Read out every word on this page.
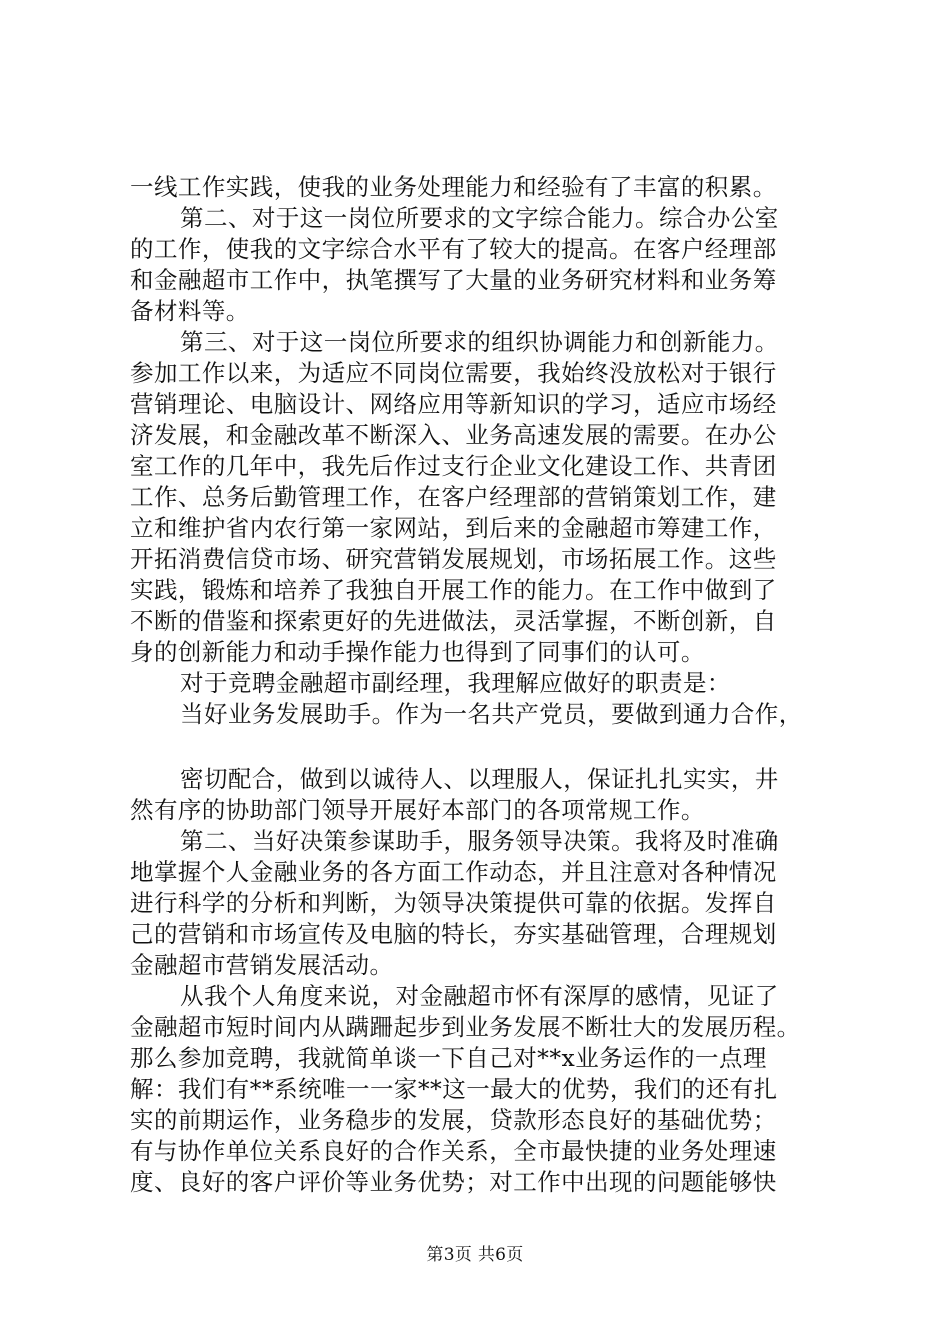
一线工作实践，使我的业务处理能力和经验有了丰富的积累。
第二、对于这一岗位所要求的文字综合能力。综合办公室
的工作，使我的文字综合水平有了较大的提高。在客户经理部
和金融超市工作中，执笔撰写了大量的业务研究材料和业务筹
备材料等。
第三、对于这一岗位所要求的组织协调能力和创新能力。
参加工作以来，为适应不同岗位需要，我始终没放松对于银行
营销理论、电脑设计、网络应用等新知识的学习，适应市场经
济发展，和金融改革不断深入、业务高速发展的需要。在办公
室工作的几年中，我先后作过支行企业文化建设工作、共青团
工作、总务后勤管理工作，在客户经理部的营销策划工作，建
立和维护省内农行第一家网站，到后来的金融超市筹建工作，
开拓消费信贷市场、研究营销发展规划，市场拓展工作。这些
实践，锻炼和培养了我独自开展工作的能力。在工作中做到了
不断的借鉴和探索更好的先进做法，灵活掌握，不断创新，自
身的创新能力和动手操作能力也得到了同事们的认可。
对于竞聘金融超市副经理，我理解应做好的职责是：
当好业务发展助手。作为一名共产党员，要做到通力合作，
密切配合，做到以诚待人、以理服人，保证扎扎实实，井
然有序的协助部门领导开展好本部门的各项常规工作。
第二、当好决策参谋助手，服务领导决策。我将及时准确
地掌握个人金融业务的各方面工作动态，并且注意对各种情况
进行科学的分析和判断，为领导决策提供可靠的依据。发挥自
己的营销和市场宣传及电脑的特长，夯实基础管理，合理规划
金融超市营销发展活动。
从我个人角度来说，对金融超市怀有深厚的感情，见证了
金融超市短时间内从蹒跚起步到业务发展不断壮大的发展历程。
那么参加竞聘，我就简单谈一下自己对**x业务运作的一点理
解：我们有**系统唯一一家**这一最大的优势，我们的还有扎
实的前期运作，业务稳步的发展，贷款形态良好的基础优势；
有与协作单位关系良好的合作关系，全市最快捷的业务处理速
度、良好的客户评价等业务优势；对工作中出现的问题能够快
第3页 共6页
